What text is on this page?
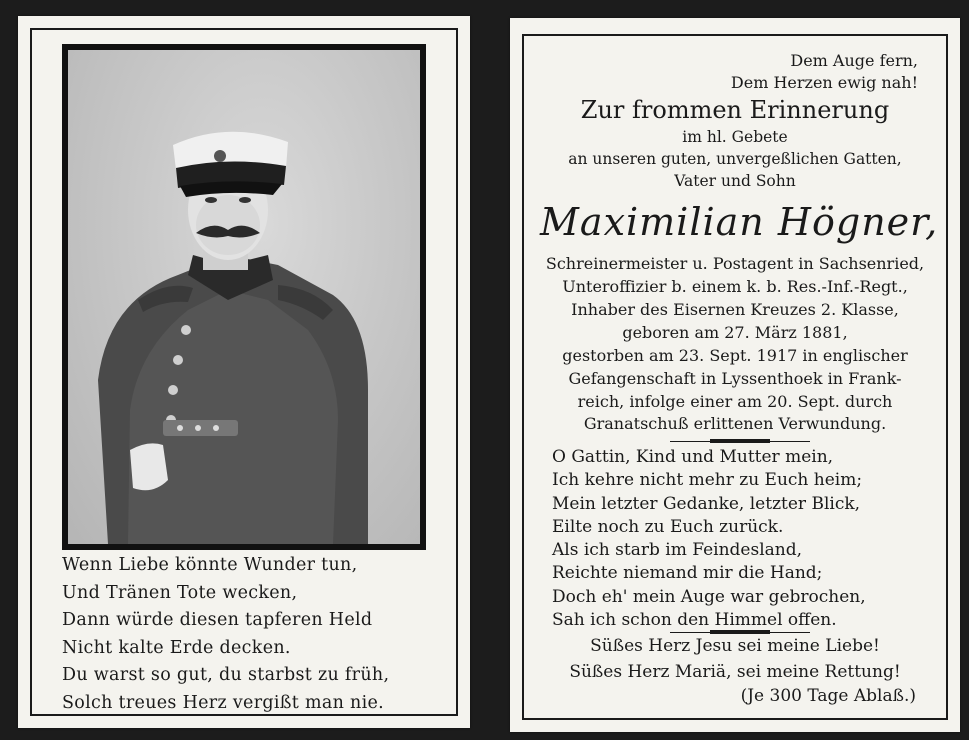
Wenn Liebe könnte Wunder tun,
Und Tränen Tote wecken,
Dann würde diesen tapferen Held
Nicht kalte Erde decken.
Du warst so gut, du starbst zu früh,
Solch treues Herz vergißt man nie.
Dem Auge fern,
Dem Herzen ewig nah!
Zur frommen Erinnerung
im hl. Gebete
an unseren guten, unvergeßlichen Gatten,
Vater und Sohn
Maximilian Högner,
Schreinermeister u. Postagent in Sachsenried,
Unteroffizier b. einem k. b. Res.-Inf.-Regt.,
Inhaber des Eisernen Kreuzes 2. Klasse,
geboren am 27. März 1881,
gestorben am 23. Sept. 1917 in englischer
Gefangenschaft in Lyssenthoek in Frank-
reich, infolge einer am 20. Sept. durch
Granatschuß erlittenen Verwundung.
O Gattin, Kind und Mutter mein,
Ich kehre nicht mehr zu Euch heim;
Mein letzter Gedanke, letzter Blick,
Eilte noch zu Euch zurück.
Als ich starb im Feindesland,
Reichte niemand mir die Hand;
Doch eh' mein Auge war gebrochen,
Sah ich schon den Himmel offen.
Süßes Herz Jesu sei meine Liebe!
Süßes Herz Mariä, sei meine Rettung!
(Je 300 Tage Ablaß.)
